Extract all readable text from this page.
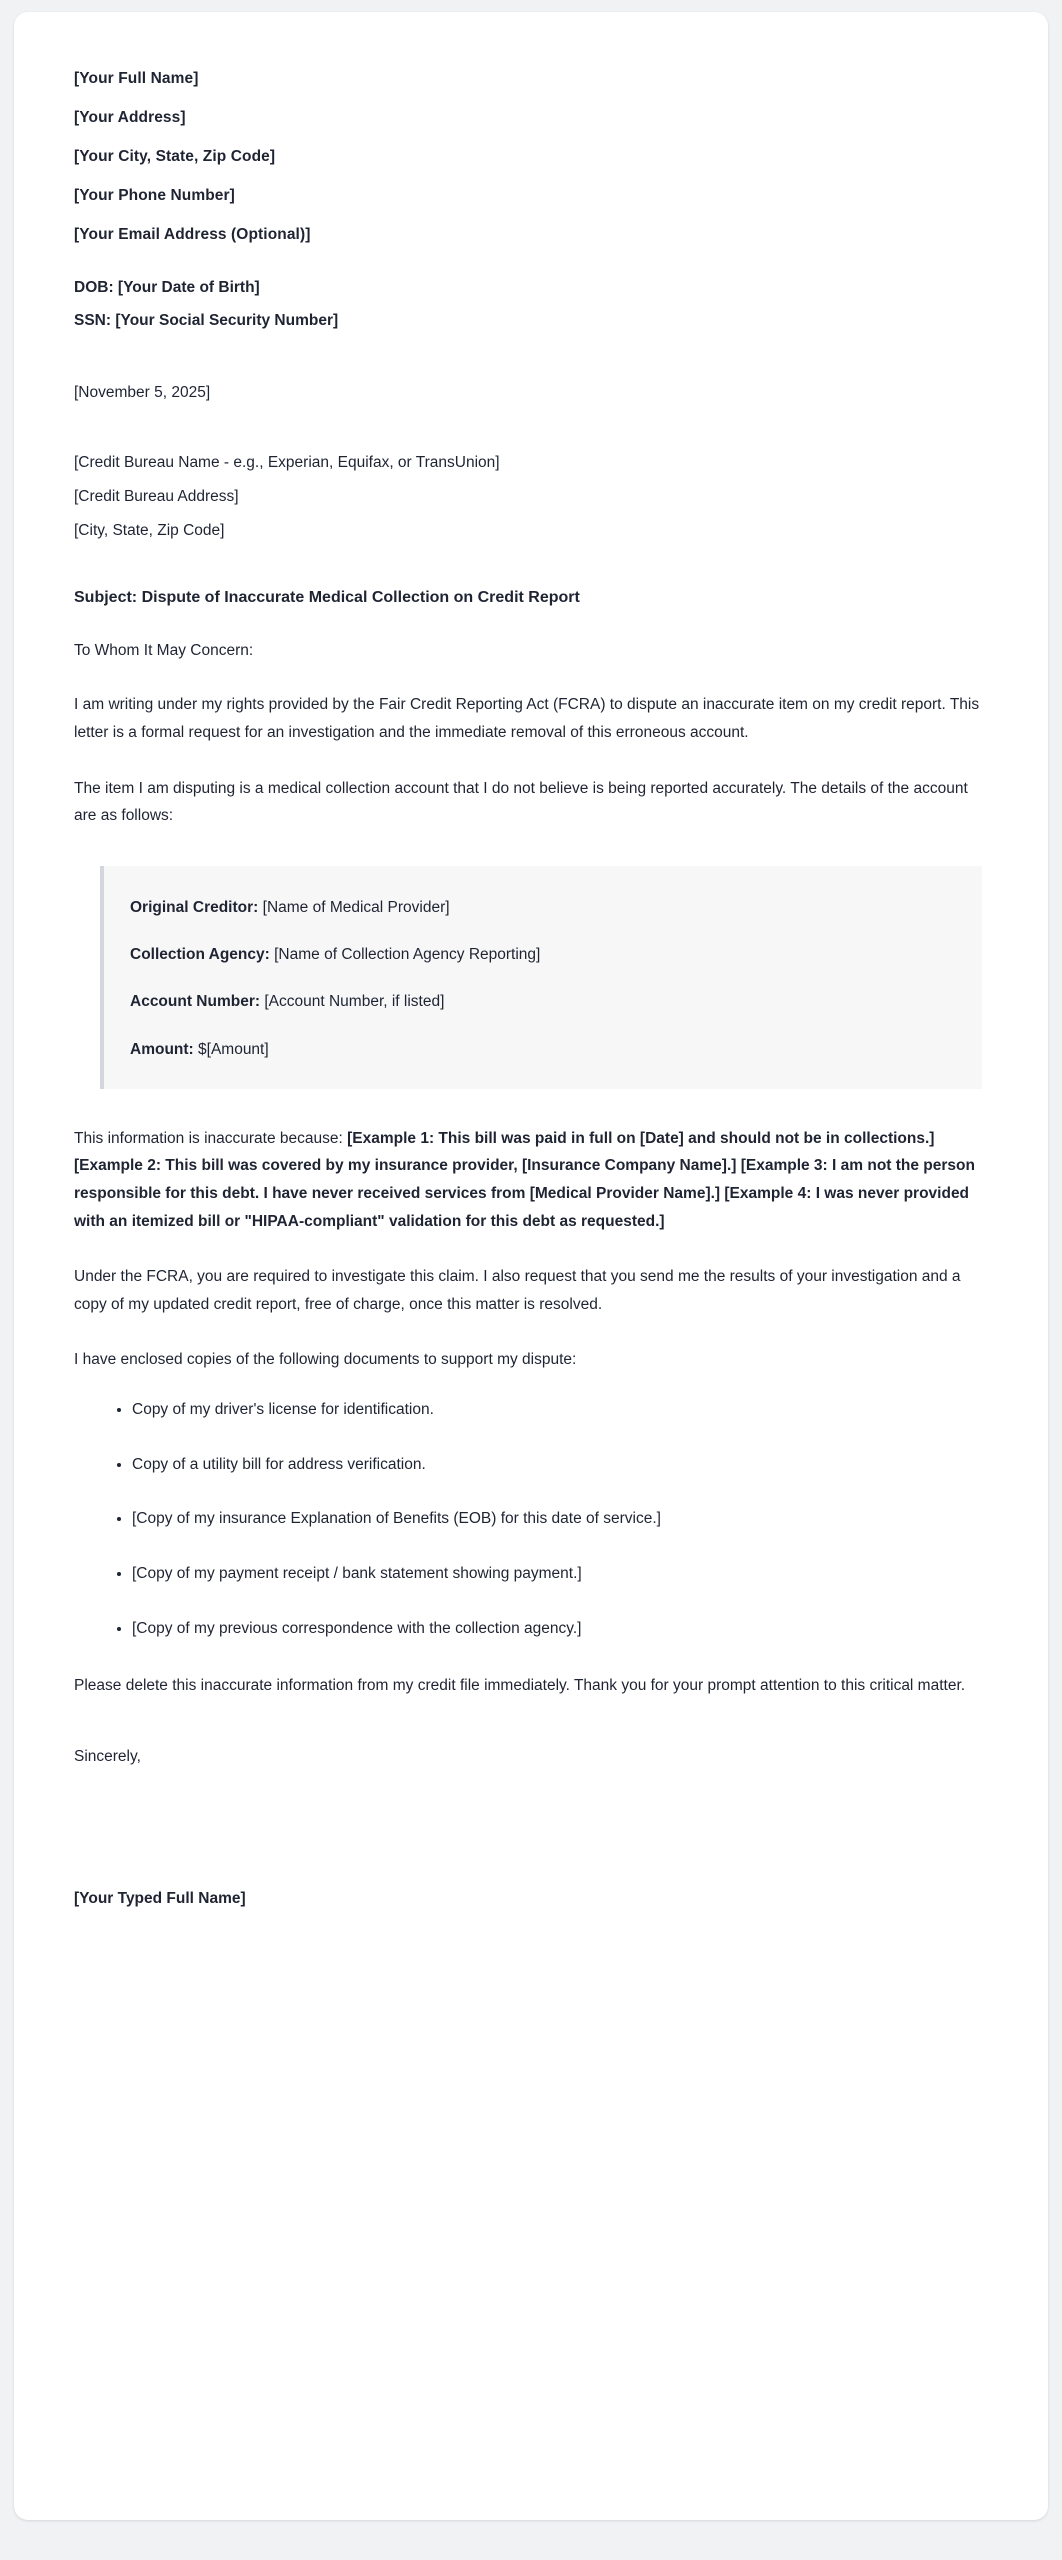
[Your Full Name]

[Your Address]

[Your City, State, Zip Code]

[Your Phone Number]

[Your Email Address (Optional)]

DOB: [Your Date of Birth]

SSN: [Your Social Security Number]

[November 5, 2025]

[Credit Bureau Name - e.g., Experian, Equifax, or TransUnion]

[Credit Bureau Address]

[City, State, Zip Code]

Subject: Dispute of Inaccurate Medical Collection on Credit Report

To Whom It May Concern:

I am writing under my rights provided by the Fair Credit Reporting Act (FCRA) to dispute an inaccurate item on my credit report. This letter is a formal request for an investigation and the immediate removal of this erroneous account.

The item I am disputing is a medical collection account that I do not believe is being reported accurately. The details of the account are as follows:

Original Creditor: [Name of Medical Provider]

Collection Agency: [Name of Collection Agency Reporting]

Account Number: [Account Number, if listed]

Amount: $[Amount]

This information is inaccurate because: [Example 1: This bill was paid in full on [Date] and should not be in collections.] [Example 2: This bill was covered by my insurance provider, [Insurance Company Name].] [Example 3: I am not the person responsible for this debt. I have never received services from [Medical Provider Name].] [Example 4: I was never provided with an itemized bill or "HIPAA-compliant" validation for this debt as requested.]

Under the FCRA, you are required to investigate this claim. I also request that you send me the results of your investigation and a copy of my updated credit report, free of charge, once this matter is resolved.

I have enclosed copies of the following documents to support my dispute:

• Copy of my driver's license for identification.
• Copy of a utility bill for address verification.
• [Copy of my insurance Explanation of Benefits (EOB) for this date of service.]
• [Copy of my payment receipt / bank statement showing payment.]
• [Copy of my previous correspondence with the collection agency.]

Please delete this inaccurate information from my credit file immediately. Thank you for your prompt attention to this critical matter.

Sincerely,

[Your Typed Full Name]
